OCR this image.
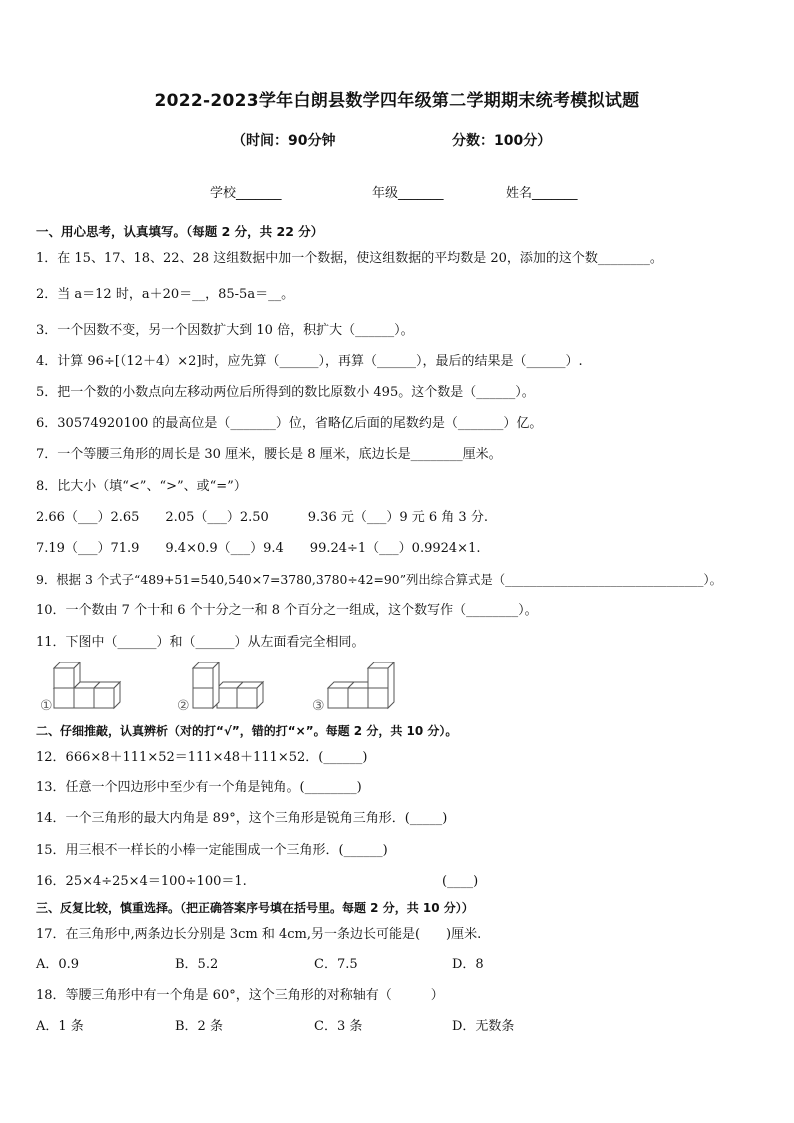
2022-2023学年白朗县数学四年级第二学期期末统考模拟试题
（时间：90分钟	分数：100分）
学校_______	年级_______	姓名_______
一、用心思考，认真填写。（每题 2 分，共 22 分）
1．在 15、17、18、22、28 这组数据中加一个数据，使这组数据的平均数是 20，添加的这个数________。
2．当 a＝12 时，a＋20＝__，85-5a＝__。
3．一个因数不变，另一个因数扩大到 10 倍，积扩大（______）。
4．计算 96÷[（12＋4）×2]时，应先算（______），再算（______），最后的结果是（______）.
5．把一个数的小数点向左移动两位后所得到的数比原数小 495。这个数是（______）。
6．30574920100 的最高位是（_______）位，省略亿后面的尾数约是（_______）亿。
7．一个等腰三角形的周长是 30 厘米，腰长是 8 厘米，底边长是________厘米。
8．比大小（填“<”、“>”、或“=”）
2.66（___）2.65　　2.05（___）2.50　　　9.36 元（___）9 元 6 角 3 分.
7.19（___）71.9　　9.4×0.9（___）9.4　　99.24÷1（___）0.9924×1.
9．根据 3 个式子“489+51=540,540×7=3780,3780÷42=90”列出综合算式是（________________________________）。
10．一个数由 7 个十和 6 个十分之一和 8 个百分之一组成，这个数写作（________）。
11．下图中（______）和（______）从左面看完全相同。
①	②	③
二、仔细推敲，认真辨析（对的打“√”，错的打“×”。每题 2 分，共 10 分）。
12．666×8＋111×52＝111×48＋111×52．(______)
13．任意一个四边形中至少有一个角是钝角。(________)
14．一个三角形的最大内角是 89°，这个三角形是锐角三角形．(_____)
15．用三根不一样长的小棒一定能围成一个三角形．(______)
16．25×4÷25×4＝100÷100＝1.	(____)
三、反复比较，慎重选择。（把正确答案序号填在括号里。每题 2 分，共 10 分））
17．在三角形中,两条边长分别是 3cm 和 4cm,另一条边长可能是(　　)厘米.
A．0.9	B．5.2	C．7.5	D．8
18．等腰三角形中有一个角是 60°，这个三角形的对称轴有（　　　）
A．1 条	B．2 条	C．3 条	D．无数条
